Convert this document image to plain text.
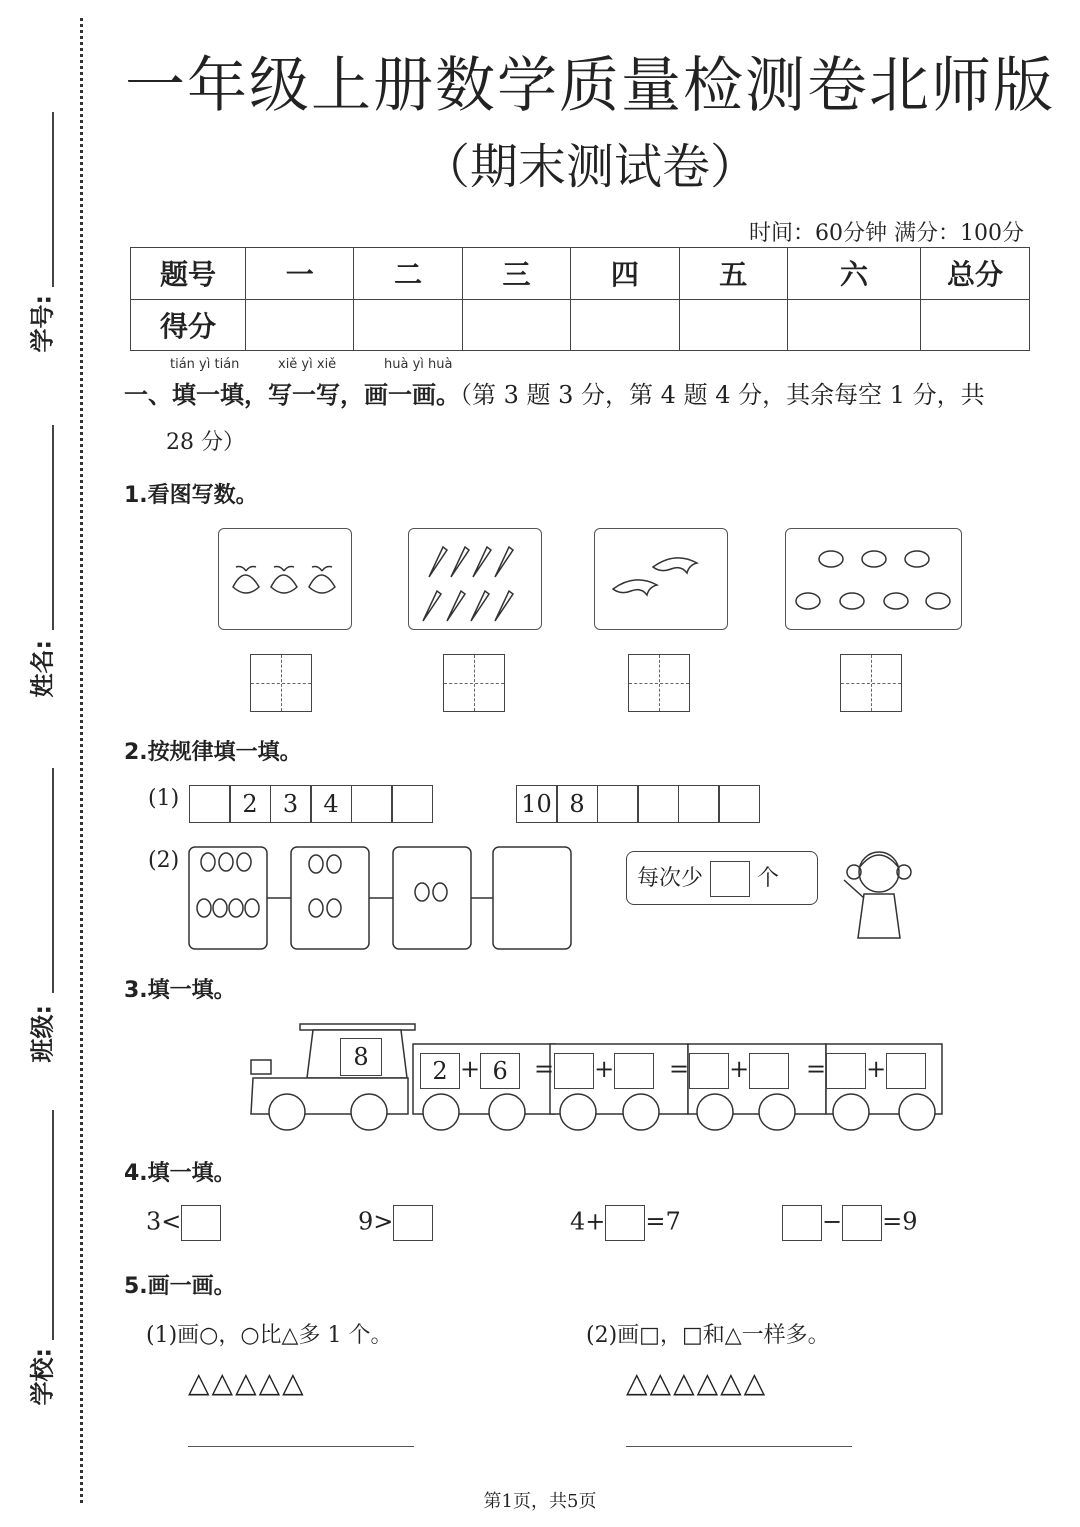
学号:
姓名:
班级:
学校:
一年级上册数学质量检测卷北师版
（期末测试卷）
时间：60分钟 满分：100分
题号	一	二	三	四	五	六	总分
得分							
tián yì tián	xiě yì xiě	huà yì huà
一、填一填，写一写，画一画。（第 3 题 3 分，第 4 题 4 分，其余每空 1 分，共
28 分）
1.看图写数。
2.按规律填一填。
(1)	2	3	4	10 8
(2)
每次少 个
3.填一填。
8	2 + 6	= +	= +	= +
4.填一填。
3<	9>	4+ =7	− =9
5.画一画。
(1)画○，○比△多 1 个。	(2)画□，□和△一样多。
△△△△△	△△△△△△
第1页，共5页
